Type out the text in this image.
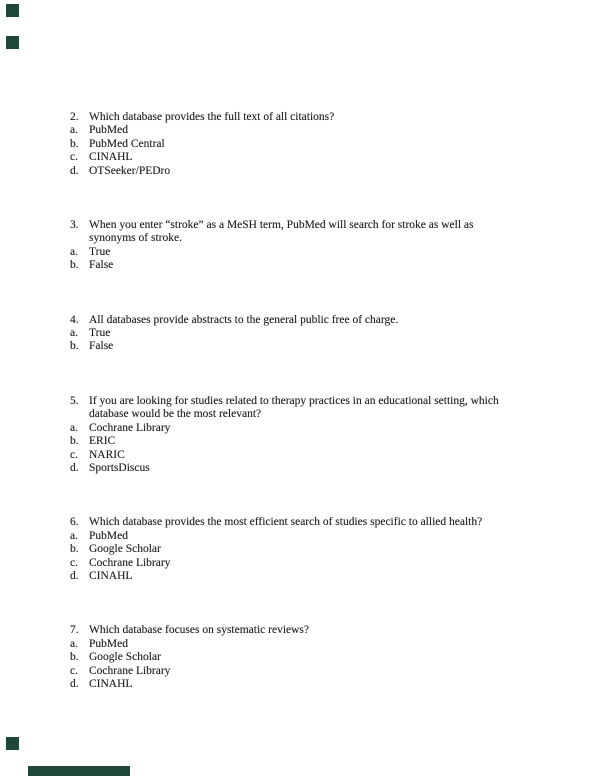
2. Which database provides the full text of all citations?
a. PubMed
b. PubMed Central
c. CINAHL
d. OTSeeker/PEDro
3. When you enter “stroke” as a MeSH term, PubMed will search for stroke as well as
synonyms of stroke.
a. True
b. False
4. All databases provide abstracts to the general public free of charge.
a. True
b. False
5. If you are looking for studies related to therapy practices in an educational setting, which
database would be the most relevant?
a. Cochrane Library
b. ERIC
c. NARIC
d. SportsDiscus
6. Which database provides the most efficient search of studies specific to allied health?
a. PubMed
b. Google Scholar
c. Cochrane Library
d. CINAHL
7. Which database focuses on systematic reviews?
a. PubMed
b. Google Scholar
c. Cochrane Library
d. CINAHL
